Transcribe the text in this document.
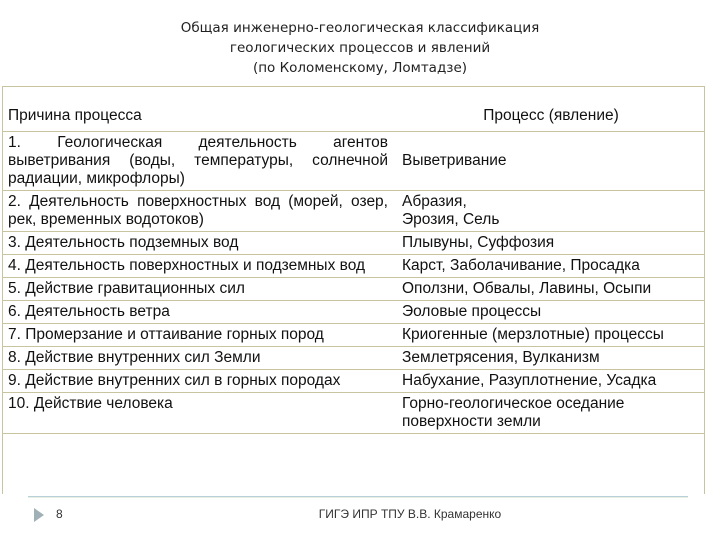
Общая инженерно-геологическая классификация
геологических процессов и явлений
(по Коломенскому, Ломтадзе)
Причина процесса	Процесс (явление)
1. Геологическая деятельность агентов выветривания (воды, температуры, солнечной радиации, микрофлоры)	Выветривание
2. Деятельность поверхностных вод (морей, озер, рек, временных водотоков)	Абразия,
Эрозия, Сель
3. Деятельность подземных вод	Плывуны, Суффозия
4. Деятельность поверхностных и подземных вод	Карст, Заболачивание, Просадка
5. Действие гравитационных сил	Оползни, Обвалы, Лавины, Осыпи
6. Деятельность ветра	Эоловые процессы
7. Промерзание и оттаивание горных пород	Криогенные (мерзлотные) процессы
8. Действие внутренних сил Земли	Землетрясения, Вулканизм
9. Действие внутренних сил в горных породах	Набухание, Разуплотнение, Усадка
10. Действие человека	Горно-геологическое оседание поверхности земли
8	ГИГЭ ИПР ТПУ В.В. Крамаренко
